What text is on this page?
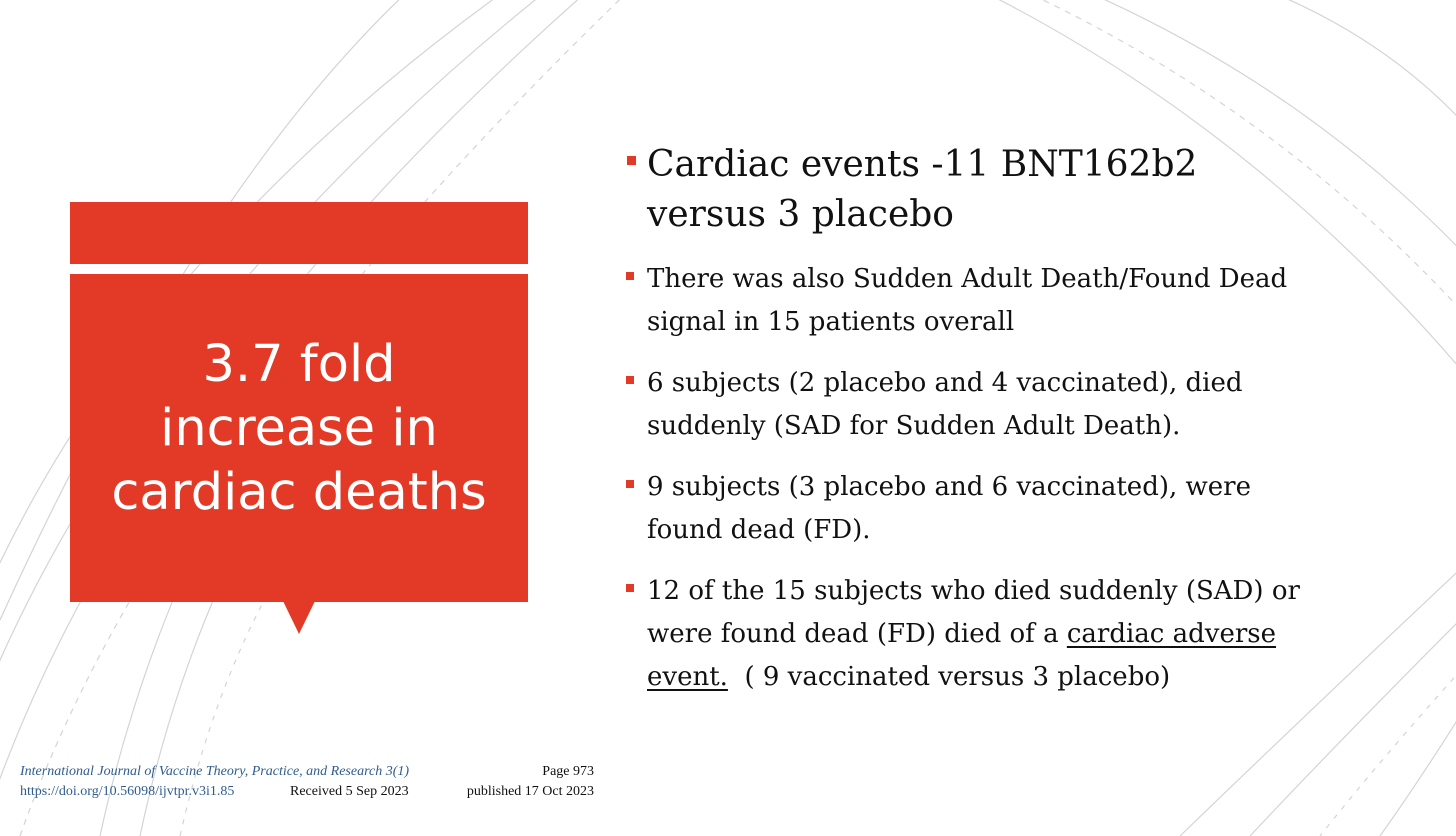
3.7 fold
increase in
cardiac deaths
Cardiac events -11 BNT162b2
versus 3 placebo
There was also Sudden Adult Death/Found Dead
signal in 15 patients overall
6 subjects (2 placebo and 4 vaccinated), died
suddenly (SAD for Sudden Adult Death).
9 subjects (3 placebo and 6 vaccinated), were
found dead (FD).
12 of the 15 subjects who died suddenly (SAD) or
were found dead (FD) died of a cardiac adverse
event.  ( 9 vaccinated versus 3 placebo)
International Journal of Vaccine Theory, Practice, and Research 3(1)	Page 973
https://doi.org/10.56098/ijvtpr.v3i1.85	Received 5 Sep 2023	published 17 Oct 2023
